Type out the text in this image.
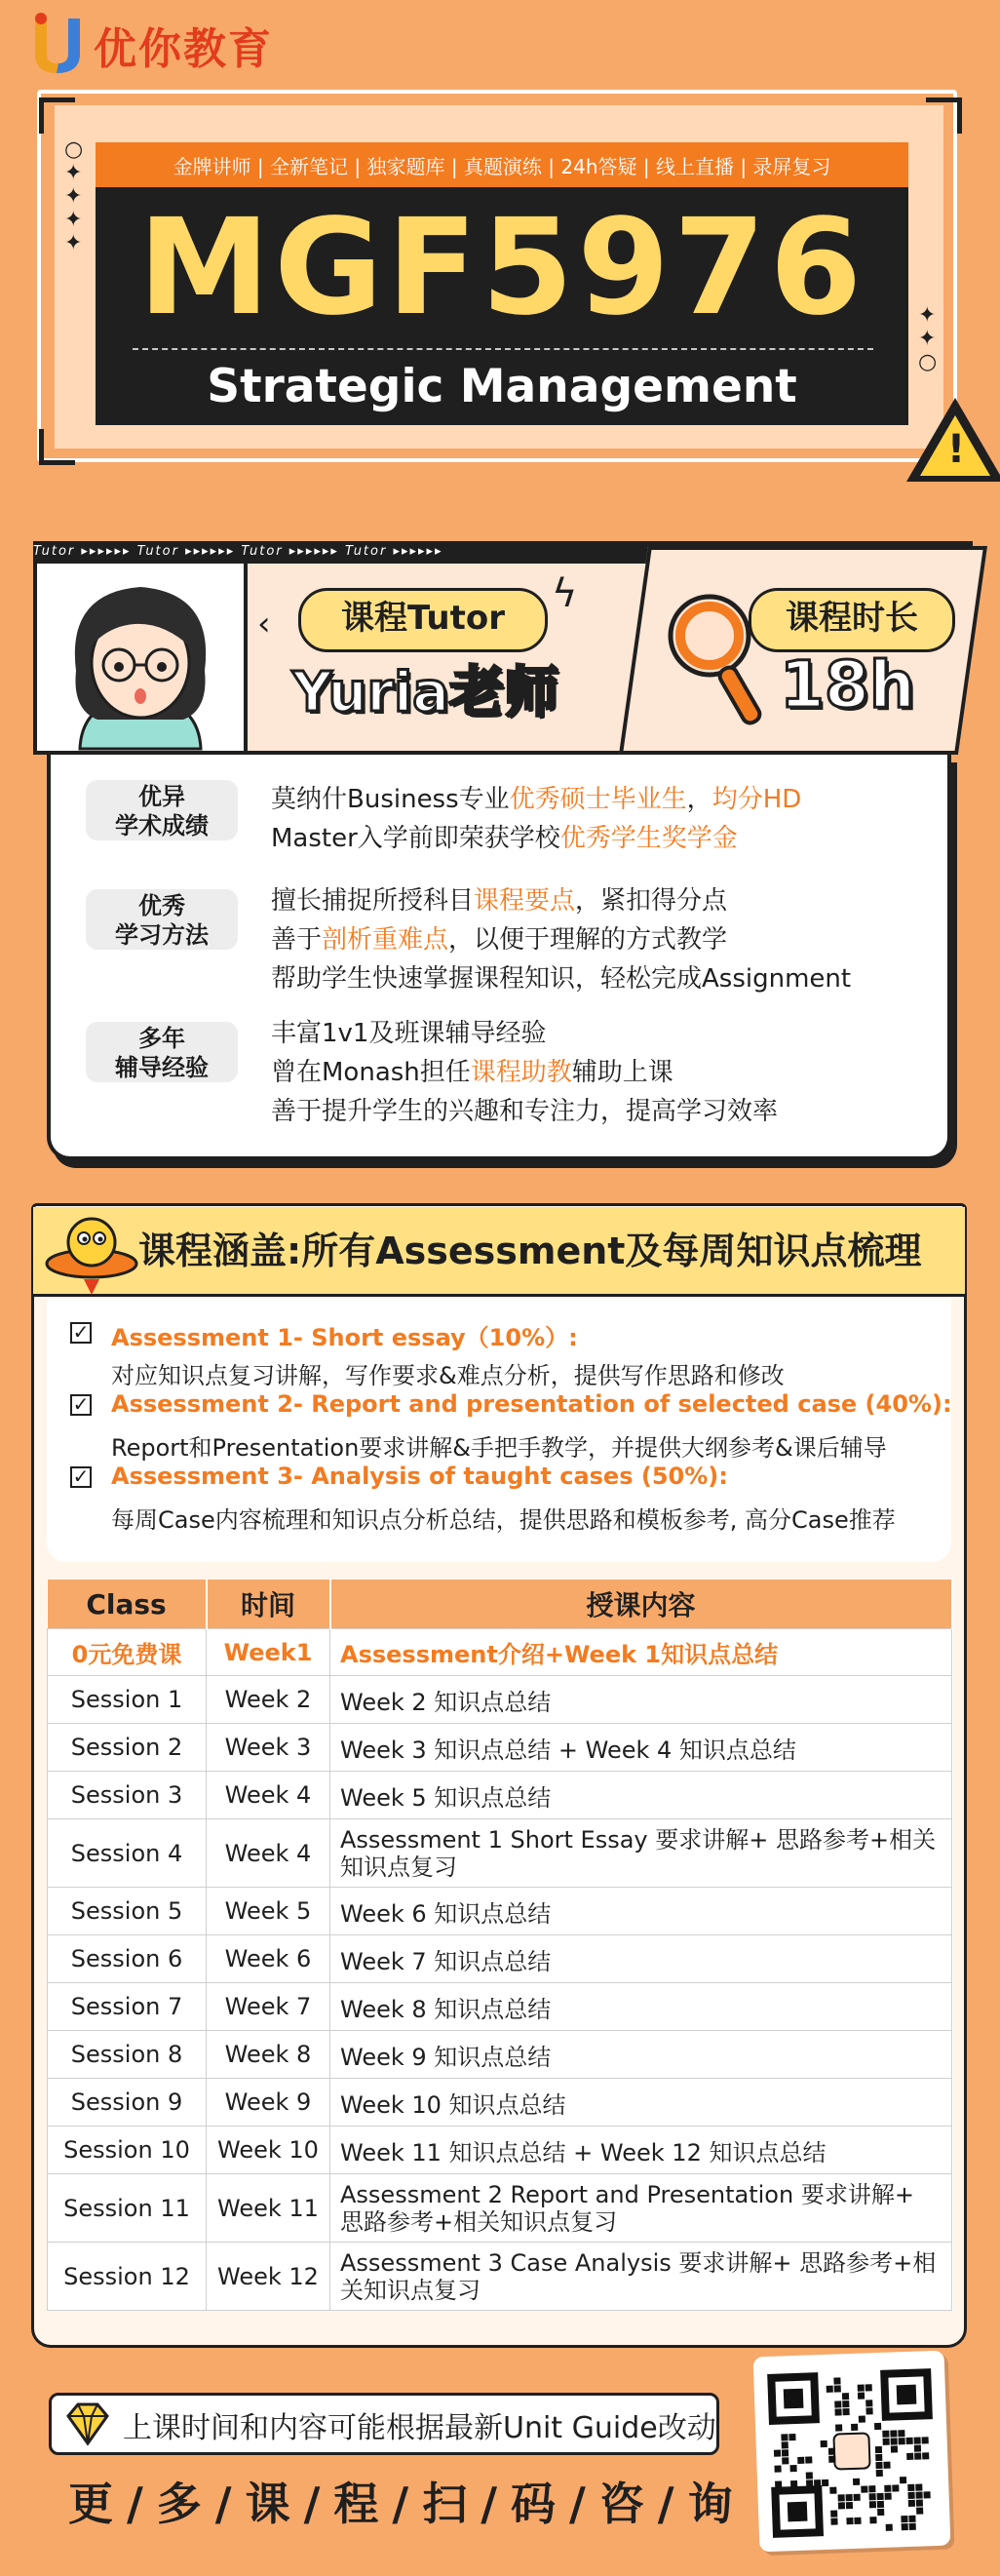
优你教育
○
✦
✦
✦
✦
✦
✦
○
金牌讲师 | 全新笔记 | 独家题库 | 真题演练 | 24h答疑 | 线上直播 | 录屏复习
MGF5976
Strategic Management
!
Tutor ▸▸▸▸▸▸ Tutor ▸▸▸▸▸▸ Tutor ▸▸▸▸▸▸ Tutor ▸▸▸▸▸▸
‹	课程Tutor
ϟ
Yuria老师
课程时长
18h
优异
学术成绩
莫纳什Business专业优秀硕士毕业生，均分HD
Master入学前即荣获学校优秀学生奖学金
优秀
学习方法
擅长捕捉所授科目课程要点，紧扣得分点
善于剖析重难点，以便于理解的方式教学
帮助学生快速掌握课程知识，轻松完成Assignment
多年
辅导经验
丰富1v1及班课辅导经验
曾在Monash担任课程助教辅助上课
善于提升学生的兴趣和专注力，提高学习效率
课程涵盖:所有Assessment及每周知识点梳理
✓ Assessment 1- Short essay（10%）:
对应知识点复习讲解，写作要求&难点分析，提供写作思路和修改
✓ Assessment 2- Report and presentation of selected case (40%):
Report和Presentation要求讲解&手把手教学，并提供大纲参考&课后辅导
✓ Assessment 3- Analysis of taught cases (50%):
每周Case内容梳理和知识点分析总结，提供思路和模板参考, 高分Case推荐
Class	时间	授课内容
0元免费课	Week1	Assessment介绍+Week 1知识点总结
Session 1	Week 2	Week 2 知识点总结
Session 2	Week 3	Week 3 知识点总结 + Week 4 知识点总结
Session 3	Week 4	Week 5 知识点总结
Session 4	Week 4	Assessment 1 Short Essay 要求讲解+ 思路参考+相关知识点复习
Session 5	Week 5	Week 6 知识点总结
Session 6	Week 6	Week 7 知识点总结
Session 7	Week 7	Week 8 知识点总结
Session 8	Week 8	Week 9 知识点总结
Session 9	Week 9	Week 10 知识点总结
Session 10	Week 10	Week 11 知识点总结 + Week 12 知识点总结
Session 11	Week 11	Assessment 2 Report and Presentation 要求讲解+ 思路参考+相关知识点复习
Session 12	Week 12	Assessment 3 Case Analysis 要求讲解+ 思路参考+相关知识点复习
上课时间和内容可能根据最新Unit Guide改动
更/多/课/程/扫/码/咨/询
